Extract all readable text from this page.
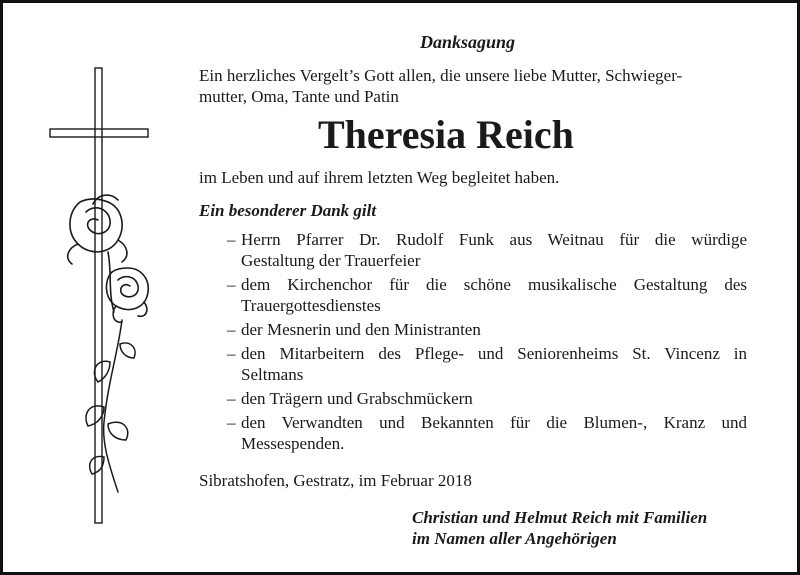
Danksagung
Ein herzliches Vergelt’s Gott allen, die unsere liebe Mutter, Schwieger-
mutter, Oma, Tante und Patin
Theresia Reich
im Leben und auf ihrem letzten Weg begleitet haben.
Ein besonderer Dank gilt
– Herrn Pfarrer Dr. Rudolf Funk aus Weitnau für die würdige
Gestaltung der Trauerfeier
– dem Kirchenchor für die schöne musikalische Gestaltung des
Trauergottesdienstes
– der Mesnerin und den Ministranten
– den Mitarbeitern des Pflege- und Seniorenheims St. Vincenz in
Seltmans
– den Trägern und Grabschmückern
– den Verwandten und Bekannten für die Blumen-, Kranz und
Messespenden.
Sibratshofen, Gestratz, im Februar 2018
Christian und Helmut Reich mit Familien
im Namen aller Angehörigen
